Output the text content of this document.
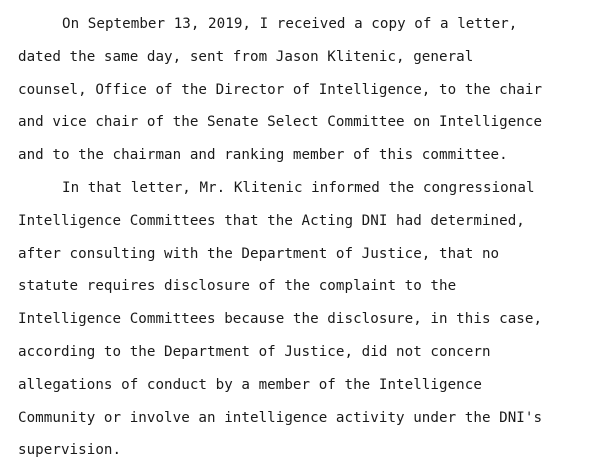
On September 13, 2019, I received a copy of a letter,
dated the same day, sent from Jason Klitenic, general
counsel, Office of the Director of Intelligence, to the chair
and vice chair of the Senate Select Committee on Intelligence
and to the chairman and ranking member of this committee.
In that letter, Mr. Klitenic informed the congressional
Intelligence Committees that the Acting DNI had determined,
after consulting with the Department of Justice, that no
statute requires disclosure of the complaint to the
Intelligence Committees because the disclosure, in this case,
according to the Department of Justice, did not concern
allegations of conduct by a member of the Intelligence
Community or involve an intelligence activity under the DNI's
supervision.
